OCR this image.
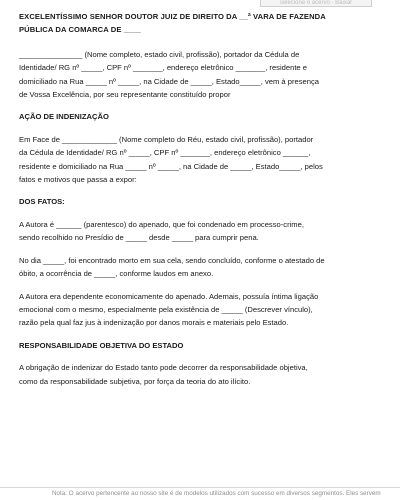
selecione o acervo · Baixar
EXCELENTÍSSIMO SENHOR DOUTOR JUIZ DE DIREITO DA __ª VARA DE FAZENDA
PÚBLICA DA COMARCA DE ____
_______________ (Nome completo, estado civil, profissão), portador da Cédula de
Identidade/ RG nº _____, CPF nº _______, endereço eletrônico _______, residente e
domiciliado na Rua _____ nº _____, na Cidade de _____, Estado_____, vem à presença
de Vossa Excelência, por seu representante constituído propor
AÇÃO DE INDENIZAÇÃO
Em Face de _____________ (Nome completo do Réu, estado civil, profissão), portador
da Cédula de Identidade/ RG nº _____, CPF nº _______, endereço eletrônico ______,
residente e domiciliado na Rua _____ nº _____, na Cidade de _____, Estado_____, pelos
fatos e motivos que passa a expor:
DOS FATOS:
A Autora é ______ (parentesco) do apenado, que foi condenado em processo-crime,
sendo recolhido no Presídio de _____ desde _____ para cumprir pena.
No dia _____, foi encontrado morto em sua cela, sendo concluído, conforme o atestado de
óbito, a ocorrência de _____, conforme laudos em anexo.
A Autora era dependente economicamente do apenado. Ademais, possuía íntima ligação
emocional com o mesmo, especialmente pela existência de _____ (Descrever vínculo),
razão pela qual faz jus à indenização por danos morais e materiais pelo Estado.
RESPONSABILIDADE OBJETIVA DO ESTADO
A obrigação de indenizar do Estado tanto pode decorrer da responsabilidade objetiva,
como da responsabilidade subjetiva, por força da teoria do ato ilícito.
Nota: O acervo pertencente ao nosso site é de modelos utilizados com sucesso em diversos segmentos. Eles servem
